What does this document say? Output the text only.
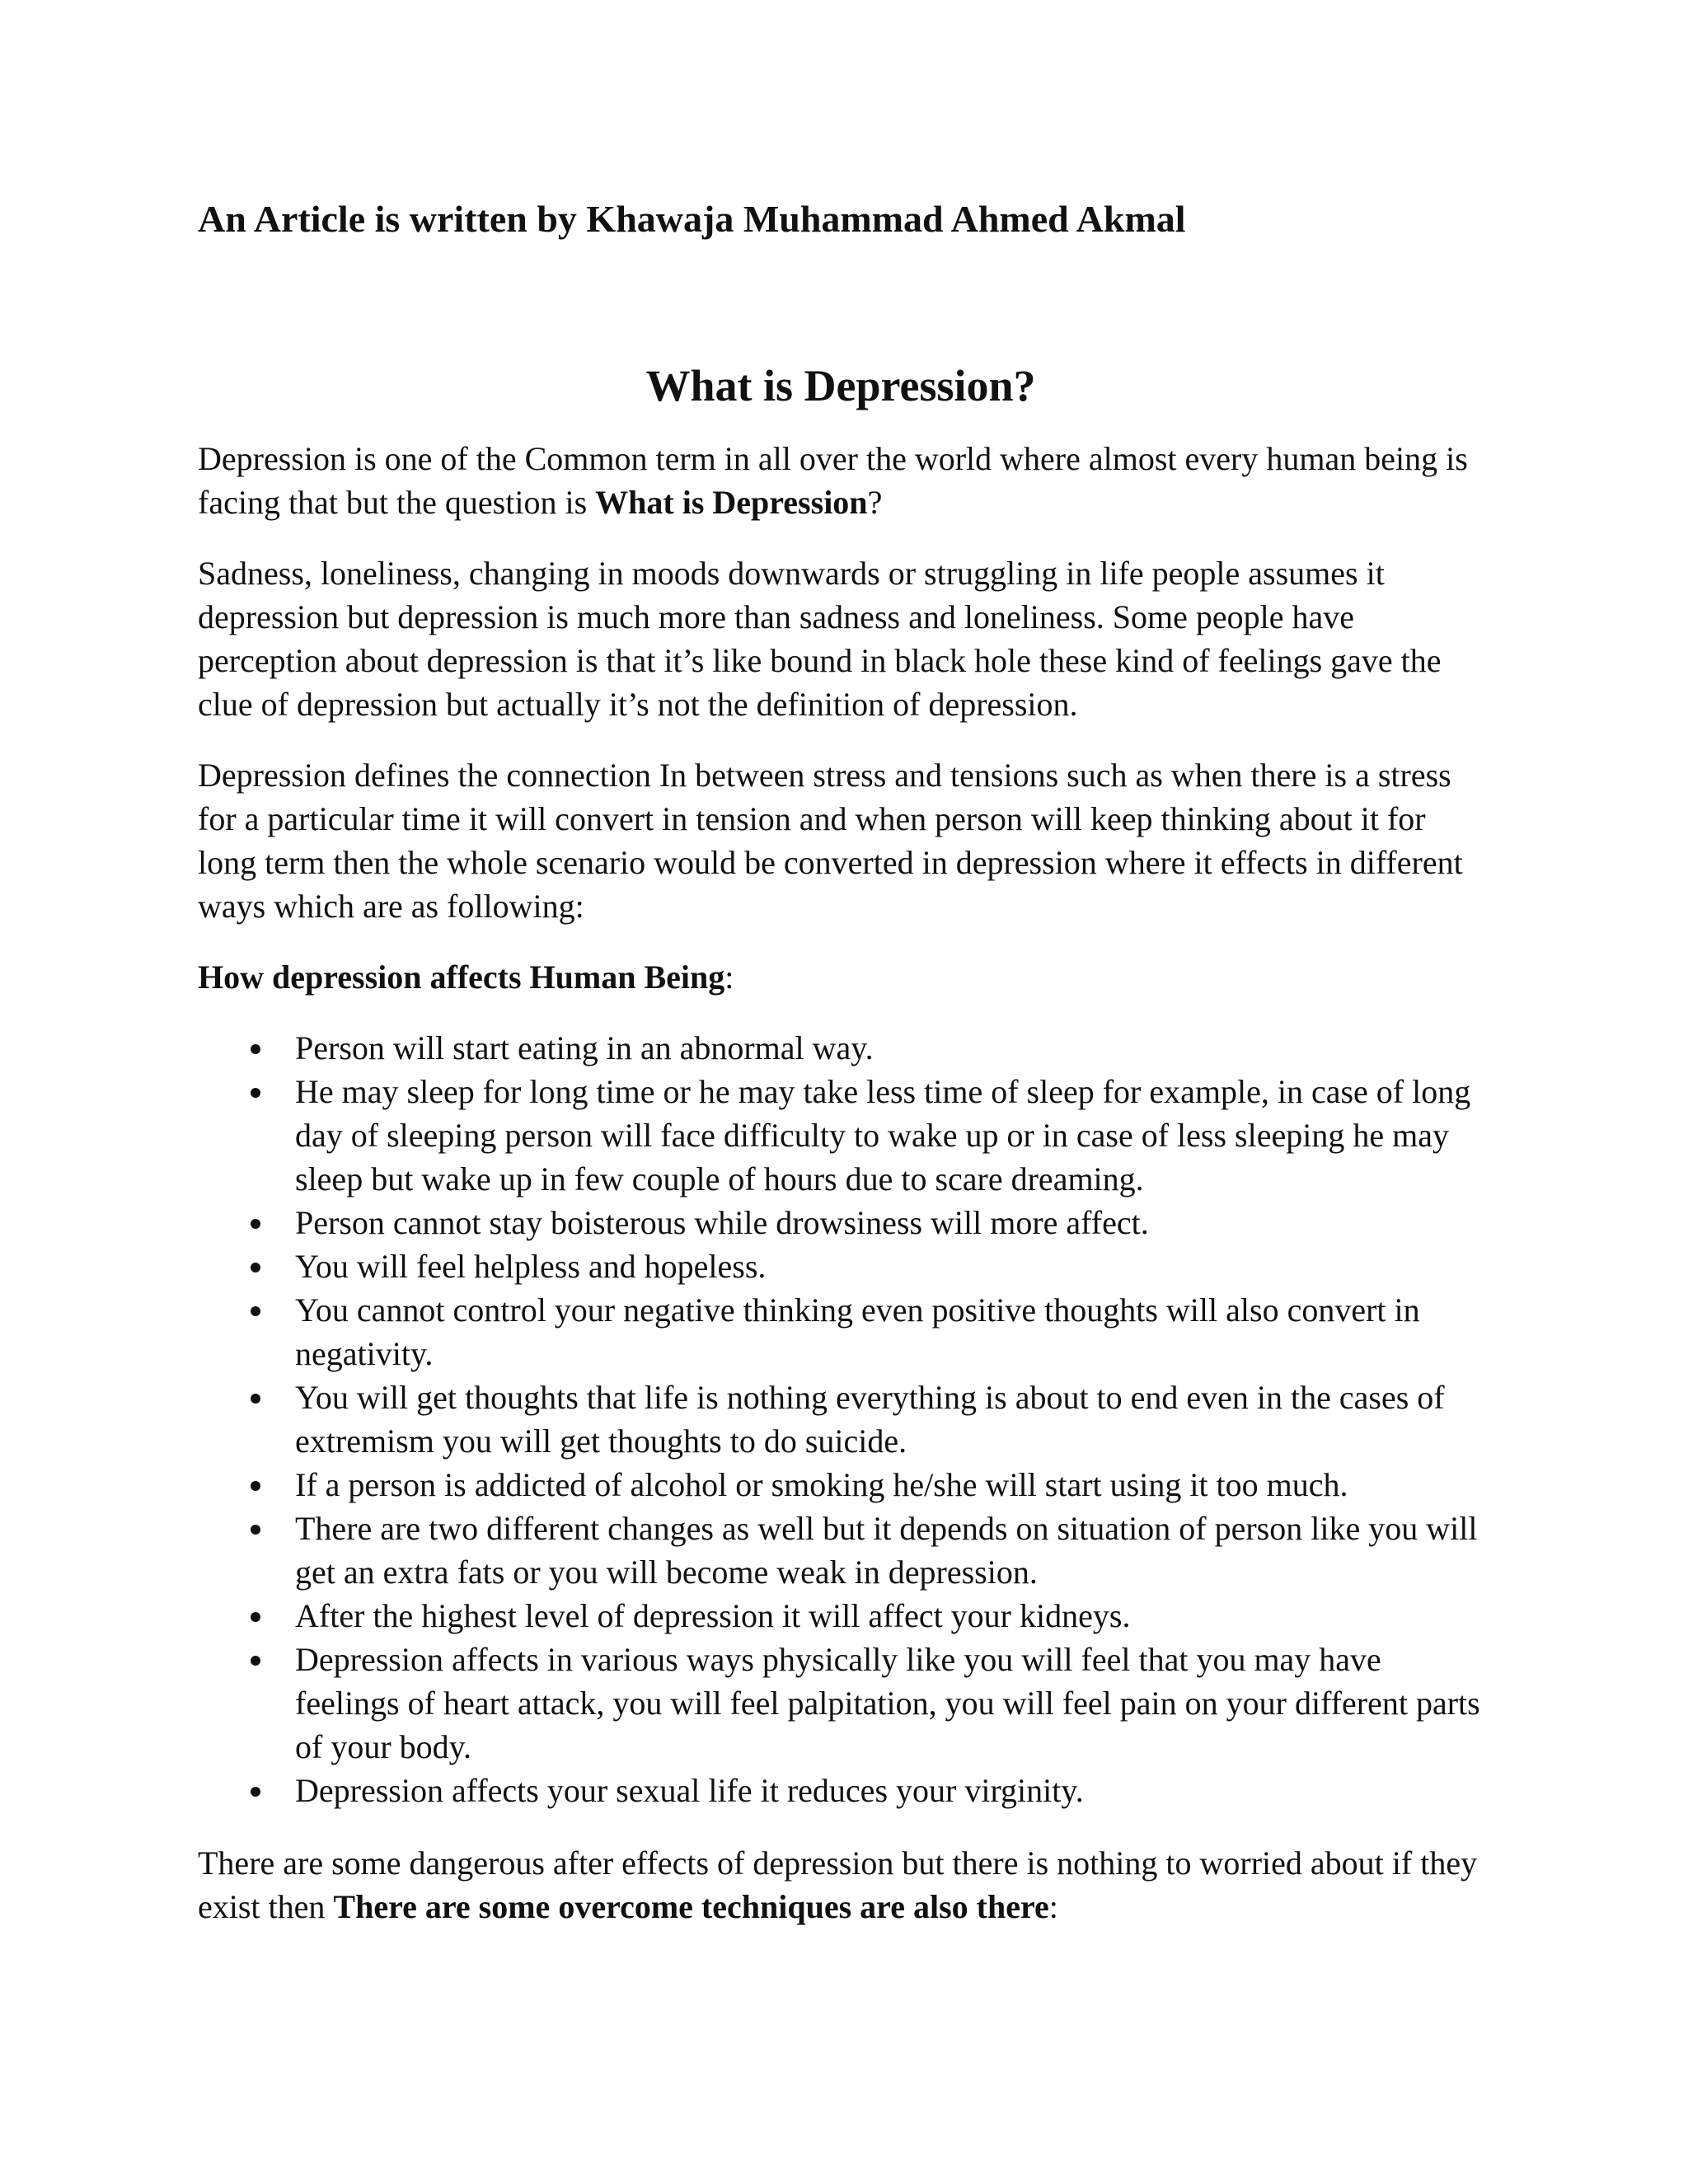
An Article is written by Khawaja Muhammad Ahmed Akmal
What is Depression?

Depression is one of the Common term in all over the world where almost every human being is facing that but the question is What is Depression?

Sadness, loneliness, changing in moods downwards or struggling in life people assumes it depression but depression is much more than sadness and loneliness. Some people have perception about depression is that it’s like bound in black hole these kind of feelings gave the clue of depression but actually it’s not the definition of depression.

Depression defines the connection In between stress and tensions such as when there is a stress for a particular time it will convert in tension and when person will keep thinking about it for long term then the whole scenario would be converted in depression where it effects in different ways which are as following:

How depression affects Human Being:

Person will start eating in an abnormal way.
He may sleep for long time or he may take less time of sleep for example, in case of long day of sleeping person will face difficulty to wake up or in case of less sleeping he may sleep but wake up in few couple of hours due to scare dreaming.
Person cannot stay boisterous while drowsiness will more affect.
You will feel helpless and hopeless.
You cannot control your negative thinking even positive thoughts will also convert in negativity.
You will get thoughts that life is nothing everything is about to end even in the cases of extremism you will get thoughts to do suicide.
If a person is addicted of alcohol or smoking he/she will start using it too much.
There are two different changes as well but it depends on situation of person like you will get an extra fats or you will become weak in depression.
After the highest level of depression it will affect your kidneys.
Depression affects in various ways physically like you will feel that you may have feelings of heart attack, you will feel palpitation, you will feel pain on your different parts of your body.
Depression affects your sexual life it reduces your virginity.

There are some dangerous after effects of depression but there is nothing to worried about if they exist then There are some overcome techniques are also there:
